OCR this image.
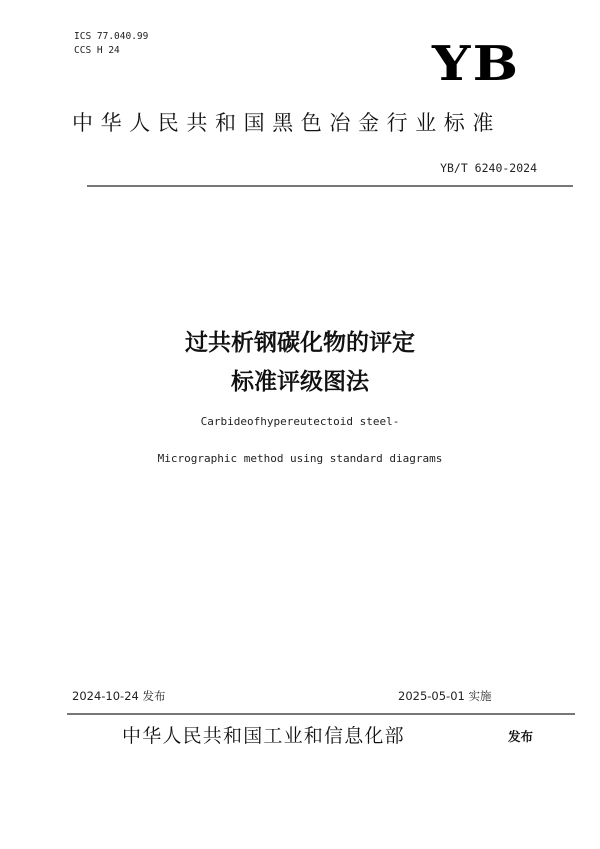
ICS 77.040.99
CCS H 24	YB
中华人民共和国黑色冶金行业标准
YB/T 6240-2024
过共析钢碳化物的评定
标准评级图法
Carbideofhypereutectoid steel-
Micrographic method using standard diagrams
2024-10-24 发布	2025-05-01 实施
中华人民共和国工业和信息化部	发布
